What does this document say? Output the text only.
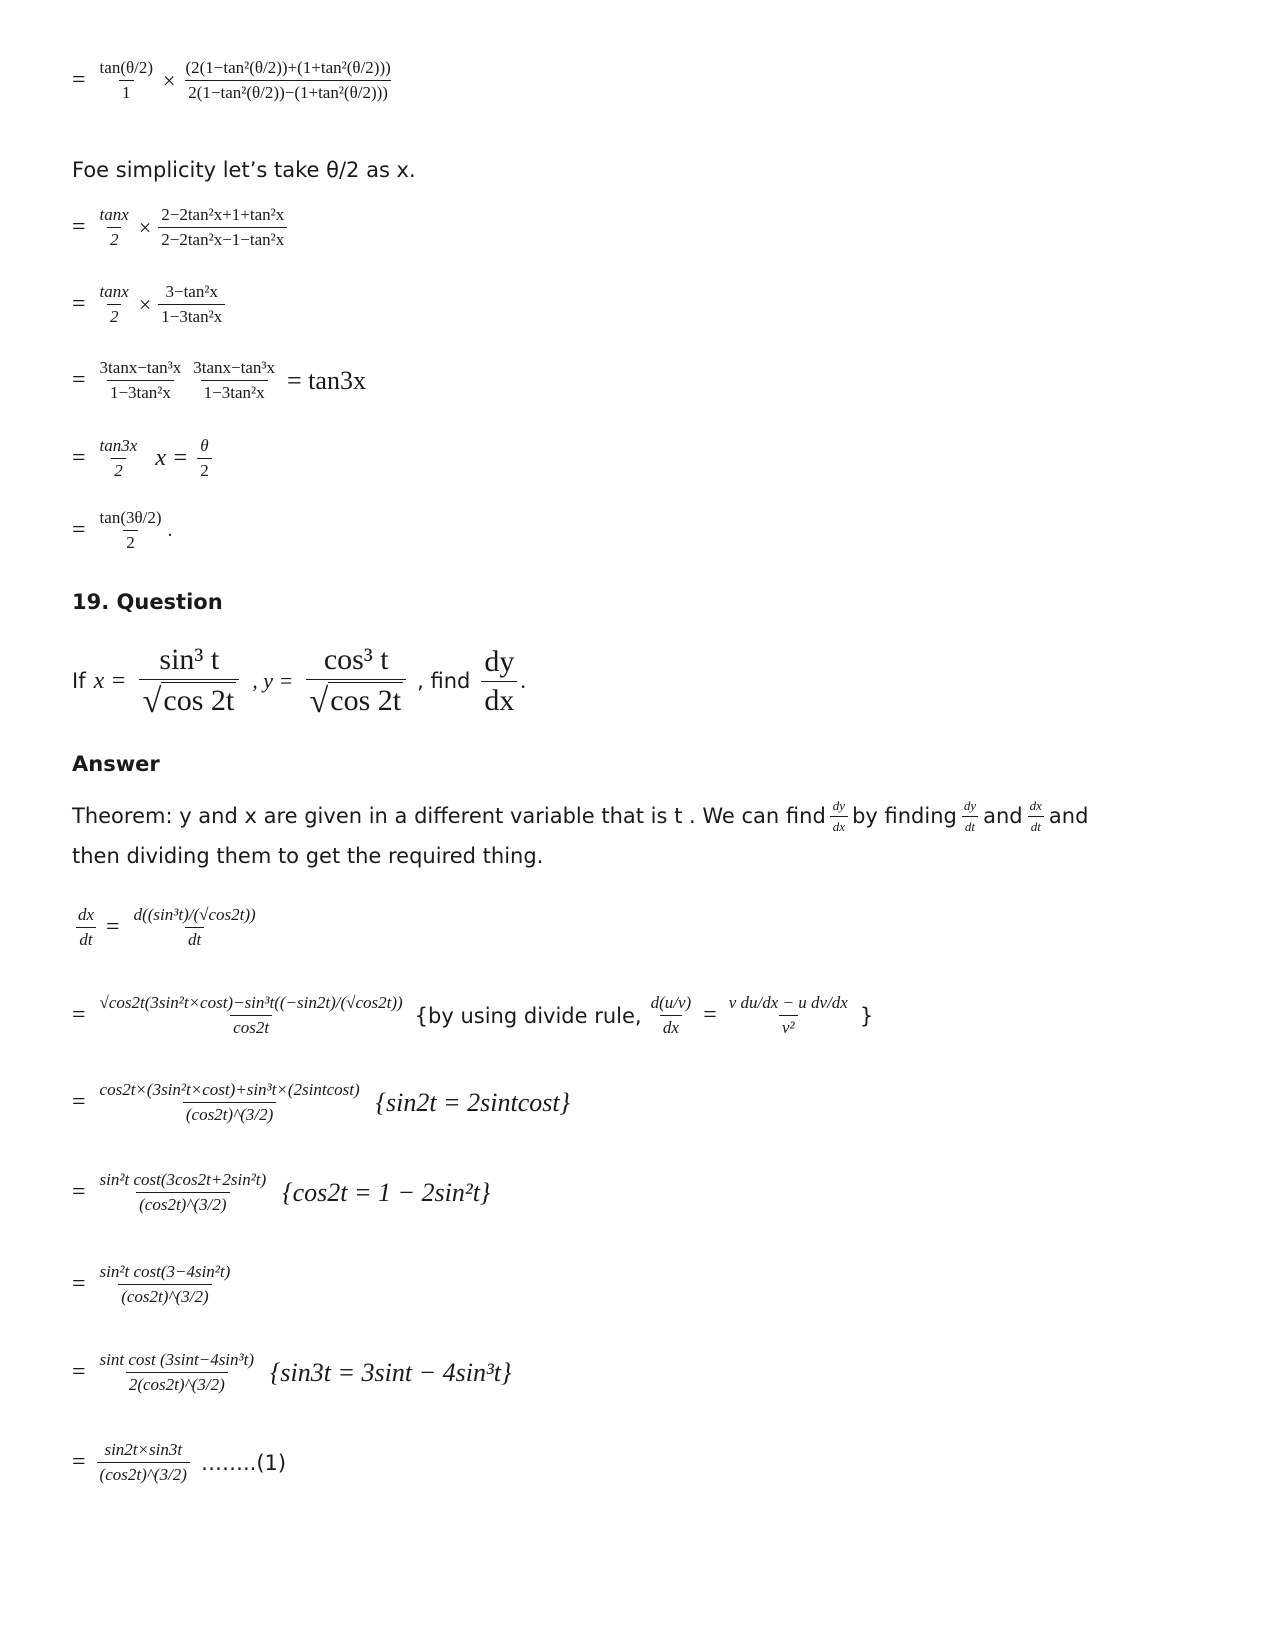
= $\frac{\tan(\theta/2)}{1} \times \frac{\text{(2(1−tan²(θ/2))+(1+tan²(θ/2)))}}{\text{2(1−tan²(θ/2))−(1+tan²(θ/2)))}}$
Foe simplicity let’s take θ/2 as x.
= $\frac{\tan x}{2} \times \frac{\text{2−2tan²x+1+tan²x}}{\text{2−2tan²x−1−tan²x}}$
= $\frac{\tan x}{2} \times \frac{\text{3−tan²x}}{\text{1−3tan²x}}$
= $\frac{\text{3tanx−tan³x}}{\text{1−3tan²x}} \frac{\text{3tanx−tan³x}}{\text{1−3tan²x}} = \tan 3x$
= $\frac{\tan 3x}{2}$ $x = \frac{\theta}{2}$
= $\frac{\tan(3\theta/2)}{2}$ .
19. Question
If $x = \frac{\text{sin³ t}}{√ \cos 2t}$ , $y = \frac{\text{cos³ t}}{√ \cos 2t}$ , find $\frac{dy}{dx}$ .
Answer
Theorem: y and x are given in a different variable that is t . We can find $\frac{dy}{dx}$ by finding $\frac{dy}{dt}$ and $\frac{dx}{dt}$ and
then dividing them to get the required thing.
$\frac{dx}{dt} = \frac{\text{d((sin³t)/(√cos2t))}}{dt}$
= $\frac{\text{√cos2t(3sin²t×cost)−sin³t((−sin2t)/(√cos2t))}}{\cos 2t} \{by$ using divide rule, $\frac{d(u/v)}{dx} = \frac{\text{v du/dx − u dv/dx}}{\text{v²}}$ }
= $\frac{\text{cos2t×(3sin²t×cost)+sin³t×(2sintcost)}}{(\cos 2t)\^{}(3/2)} \{\sin 2t$ = 2sintcost}
= $\frac{\text{sin²t cost(3cos2t+2sin²t)}}{(\cos 2t)\^{}(3/2)} \{\cos 2t = 1 - 2\sin^2t\}$
= $\frac{\text{sin²t cost(3−4sin²t)}}{(\cos 2t)\^{}(3/2)}$
= $\frac{\text{sint cost (3sint−4sin³t)}}{2(\cos 2t)\^{}(3/2)} \{\sin 3t = 3\sin t - 4\sin^3t\}$
= $\frac{\sin 2t\times\sin 3t}{(\cos 2t)\^{}(3/2)}$ ……..(1)
